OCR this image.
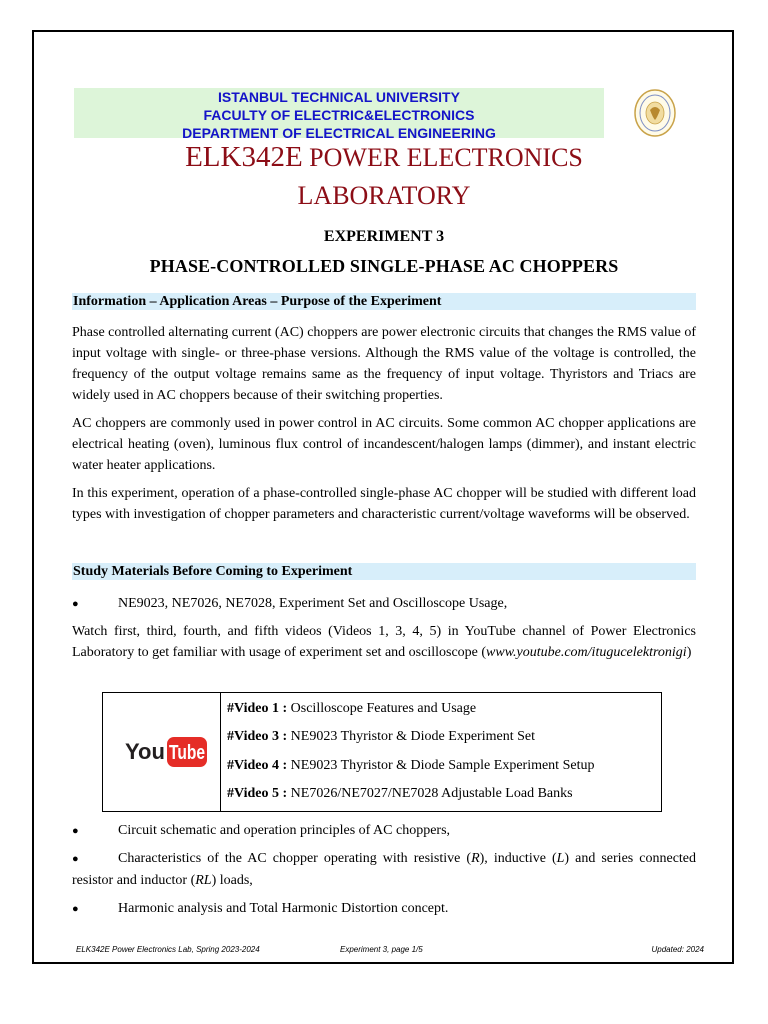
ISTANBUL TECHNICAL UNIVERSITY
FACULTY OF ELECTRIC&ELECTRONICS
DEPARTMENT OF ELECTRICAL ENGINEERING
ELK342E POWER ELECTRONICS
LABORATORY
EXPERIMENT 3
PHASE-CONTROLLED SINGLE-PHASE AC CHOPPERS
Information – Application Areas – Purpose of the Experiment
Phase controlled alternating current (AC) choppers are power electronic circuits that changes the RMS value of input voltage with single- or three-phase versions. Although the RMS value of the voltage is controlled, the frequency of the output voltage remains same as the frequency of input voltage. Thyristors and Triacs are widely used in AC choppers because of their switching properties.
AC choppers are commonly used in power control in AC circuits. Some common AC chopper applications are electrical heating (oven), luminous flux control of incandescent/halogen lamps (dimmer), and instant electric water heater applications.
In this experiment, operation of a phase-controlled single-phase AC chopper will be studied with different load types with investigation of chopper parameters and characteristic current/voltage waveforms will be observed.
Study Materials Before Coming to Experiment
●	NE9023, NE7026, NE7028, Experiment Set and Oscilloscope Usage,
Watch first, third, fourth, and fifth videos (Videos 1, 3, 4, 5) in YouTube channel of Power Electronics Laboratory to get familiar with usage of experiment set and oscilloscope (www.youtube.com/itugucelektronigi)
You Tube
#Video 1 : Oscilloscope Features and Usage
#Video 3 : NE9023 Thyristor & Diode Experiment Set
#Video 4 : NE9023 Thyristor & Diode Sample Experiment Setup
#Video 5 : NE7026/NE7027/NE7028 Adjustable Load Banks
●	Circuit schematic and operation principles of AC choppers,
●	Characteristics of the AC chopper operating with resistive (R), inductive (L) and series connected resistor and inductor (RL) loads,
●	Harmonic analysis and Total Harmonic Distortion concept.
ELK342E Power Electronics Lab, Spring 2023-2024	Experiment 3, page 1/5	Updated: 2024
